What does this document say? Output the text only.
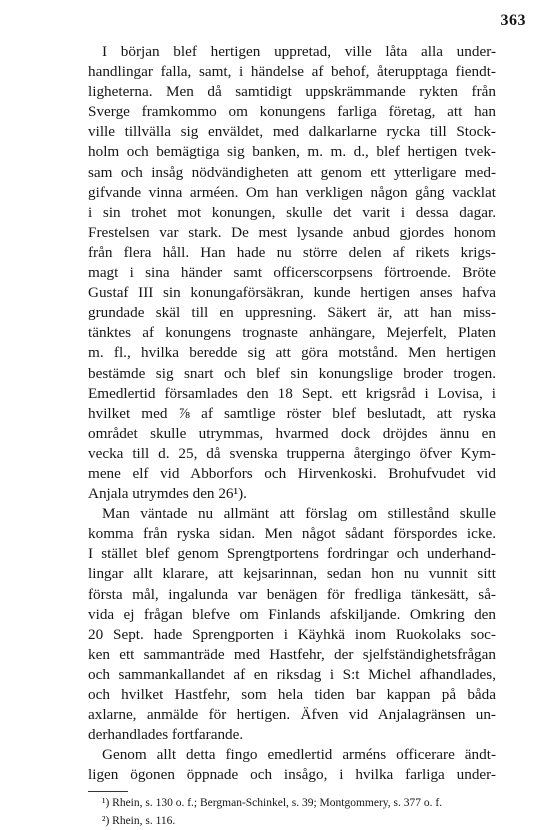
363
I början blef hertigen uppretad, ville låta alla under-
handlingar falla, samt, i händelse af behof, återupptaga fiendt-
ligheterna. Men då samtidigt uppskrämmande rykten från
Sverge framkommo om konungens farliga företag, att han
ville tillvälla sig enväldet, med dalkarlarne rycka till Stock-
holm och bemägtiga sig banken, m. m. d., blef hertigen tvek-
sam och insåg nödvändigheten att genom ett ytterligare med-
gifvande vinna arméen. Om han verkligen någon gång vacklat
i sin trohet mot konungen, skulle det varit i dessa dagar.
Frestelsen var stark. De mest lysande anbud gjordes honom
från flera håll. Han hade nu större delen af rikets krigs-
magt i sina händer samt officerscorpsens förtroende. Bröte
Gustaf III sin konungaförsäkran, kunde hertigen anses hafva
grundade skäl till en uppresning. Säkert är, att han miss-
tänktes af konungens trognaste anhängare, Mejerfelt, Platen
m. fl., hvilka beredde sig att göra motstånd. Men hertigen
bestämde sig snart och blef sin konungslige broder trogen.
Emedlertid församlades den 18 Sept. ett krigsråd i Lovisa, i
hvilket med ⅞ af samtlige röster blef beslutadt, att ryska
området skulle utrymmas, hvarmed dock dröjdes ännu en
vecka till d. 25, då svenska trupperna återgingo öfver Kym-
mene elf vid Abborfors och Hirvenkoski. Brohufvudet vid
Anjala utrymdes den 26¹).
Man väntade nu allmänt att förslag om stillestånd skulle
komma från ryska sidan. Men något sådant förspordes icke.
I stället blef genom Sprengtportens fordringar och underhand-
lingar allt klarare, att kejsarinnan, sedan hon nu vunnit sitt
första mål, ingalunda var benägen för fredliga tänkesätt, så-
vida ej frågan blefve om Finlands afskiljande. Omkring den
20 Sept. hade Sprengporten i Käyhkä inom Ruokolaks soc-
ken ett sammanträde med Hastfehr, der sjelfständighetsfrågan
och sammankallandet af en riksdag i S:t Michel afhandlades,
och hvilket Hastfehr, som hela tiden bar kappan på båda
axlarne, anmälde för hertigen. Äfven vid Anjalagränsen un-
derhandlades fortfarande.
Genom allt detta fingo emedlertid arméns officerare ändt-
ligen ögonen öppnade och insågo, i hvilka farliga under-
¹) Rhein, s. 130 o. f.; Bergman-Schinkel, s. 39; Montgommery, s. 377 o. f.
²) Rhein, s. 116.
